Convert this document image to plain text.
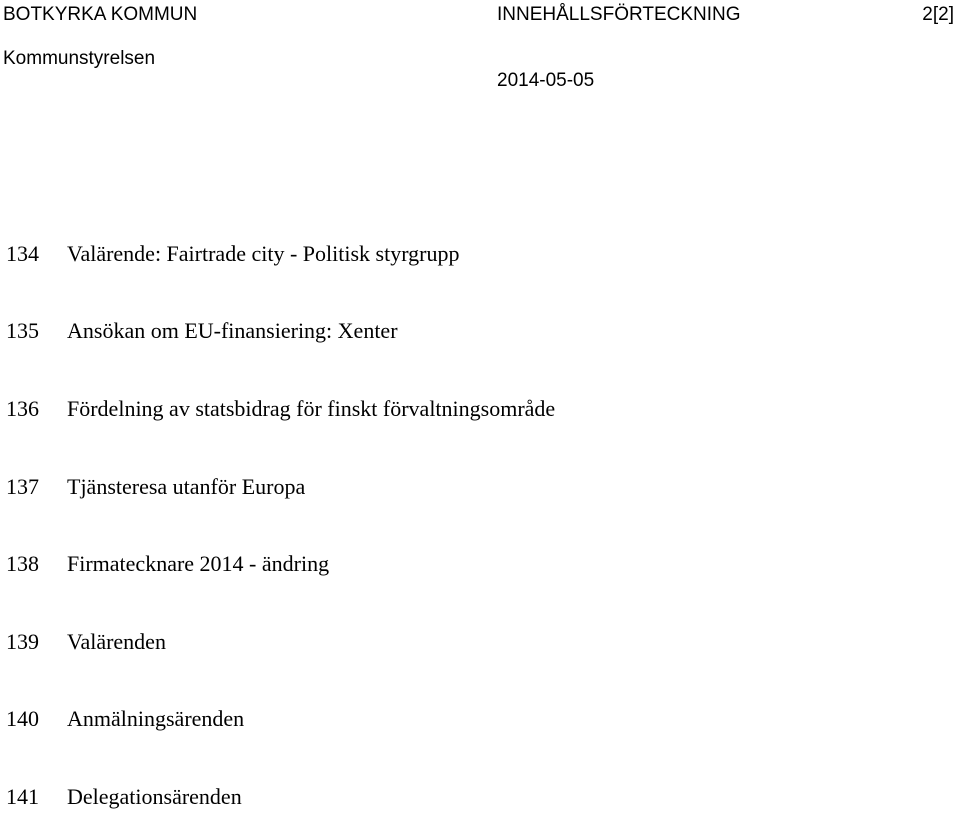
BOTKYRKA KOMMUN	INNEHÅLLSFÖRTECKNING	2[2]
Kommunstyrelsen
2014-05-05
134 Valärende: Fairtrade city - Politisk styrgrupp
135 Ansökan om EU-finansiering: Xenter
136 Fördelning av statsbidrag för finskt förvaltningsområde
137 Tjänsteresa utanför Europa
138 Firmatecknare 2014 - ändring
139 Valärenden
140 Anmälningsärenden
141 Delegationsärenden
